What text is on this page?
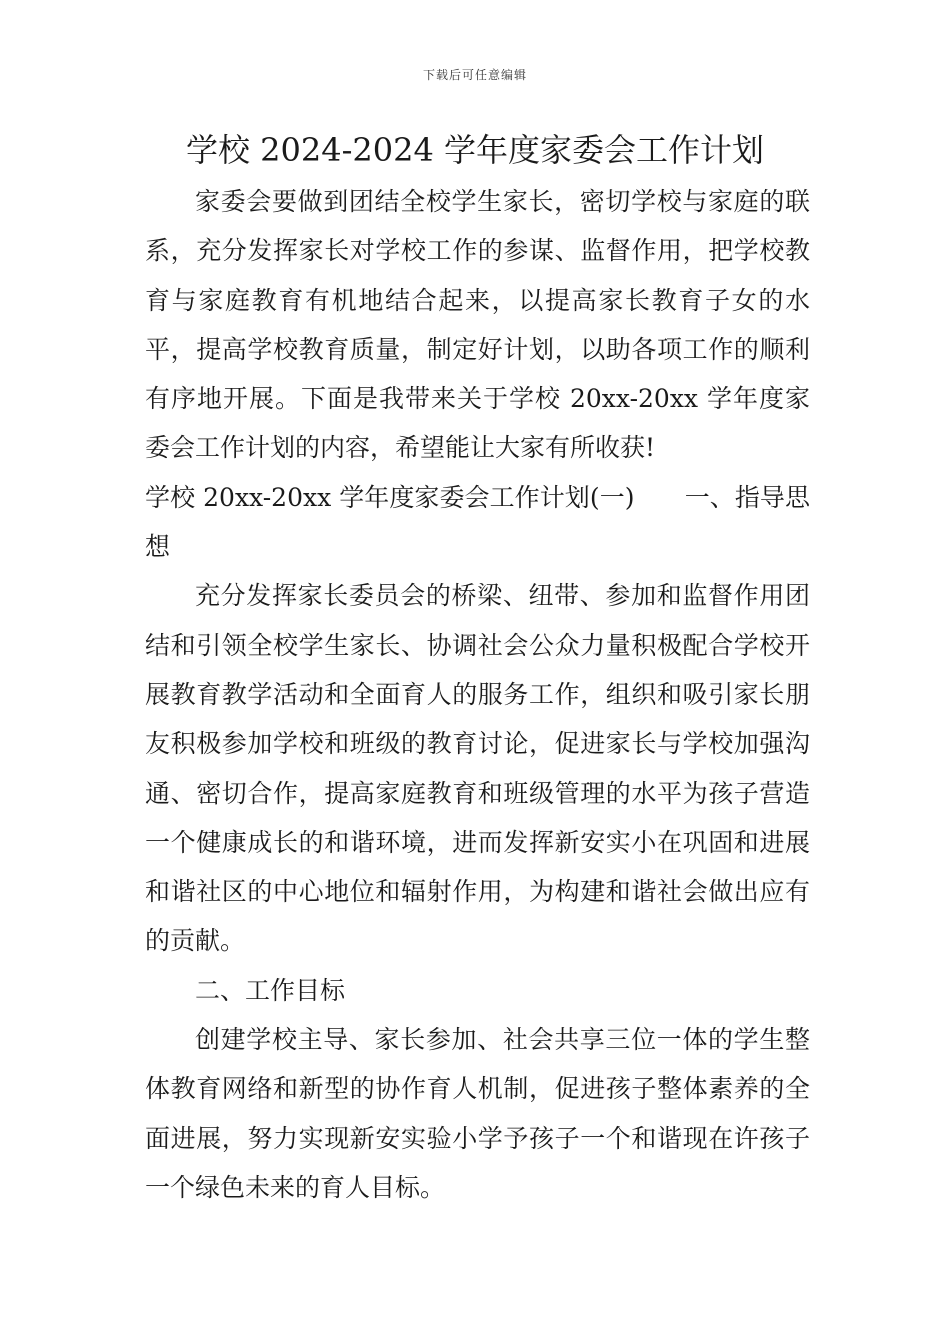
下载后可任意编辑
学校 2024-2024 学年度家委会工作计划

家委会要做到团结全校学生家长，密切学校与家庭的联系，充分发挥家长对学校工作的参谋、监督作用，把学校教育与家庭教育有机地结合起来，以提高家长教育子女的水平，提高学校教育质量，制定好计划，以助各项工作的顺利有序地开展。下面是我带来关于学校 20xx-20xx 学年度家委会工作计划的内容，希望能让大家有所收获!

学校 20xx-20xx 学年度家委会工作计划(一)　　一、指导思想

充分发挥家长委员会的桥梁、纽带、参加和监督作用团结和引领全校学生家长、协调社会公众力量积极配合学校开展教育教学活动和全面育人的服务工作，组织和吸引家长朋友积极参加学校和班级的教育讨论，促进家长与学校加强沟通、密切合作，提高家庭教育和班级管理的水平为孩子营造一个健康成长的和谐环境，进而发挥新安实小在巩固和进展和谐社区的中心地位和辐射作用，为构建和谐社会做出应有的贡献。

二、工作目标

创建学校主导、家长参加、社会共享三位一体的学生整体教育网络和新型的协作育人机制，促进孩子整体素养的全面进展，努力实现新安实验小学予孩子一个和谐现在许孩子一个绿色未来的育人目标。
